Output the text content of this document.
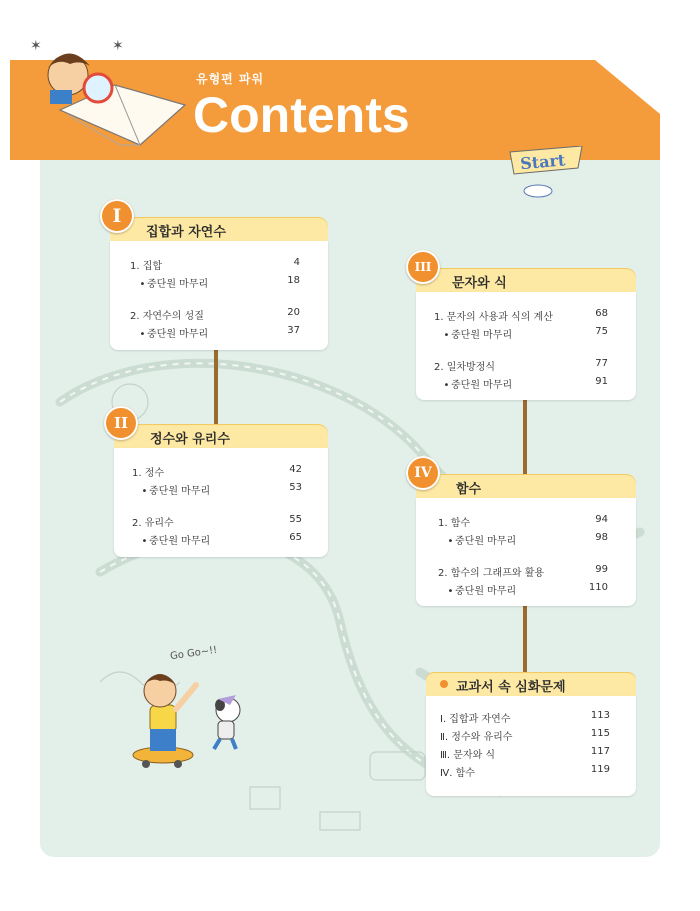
✶	✶
유형편 파워
Contents
Start
집합과 자연수
I
1. 집합	4
• 중단원 마무리	18
2. 자연수의 성질	20
• 중단원 마무리	37
정수와 유리수
II
1. 정수	42
• 중단원 마무리	53
2. 유리수	55
• 중단원 마무리	65
문자와 식
III
1. 문자의 사용과 식의 계산	68
• 중단원 마무리	75
2. 일차방정식	77
• 중단원 마무리	91
함수
IV
1. 함수	94
• 중단원 마무리	98
2. 함수의 그래프와 활용	99
• 중단원 마무리	110
교과서 속 심화문제
Ⅰ. 집합과 자연수	113
Ⅱ. 정수와 유리수	115
Ⅲ. 문자와 식	117
Ⅳ. 함수	119
Go Go~!!
